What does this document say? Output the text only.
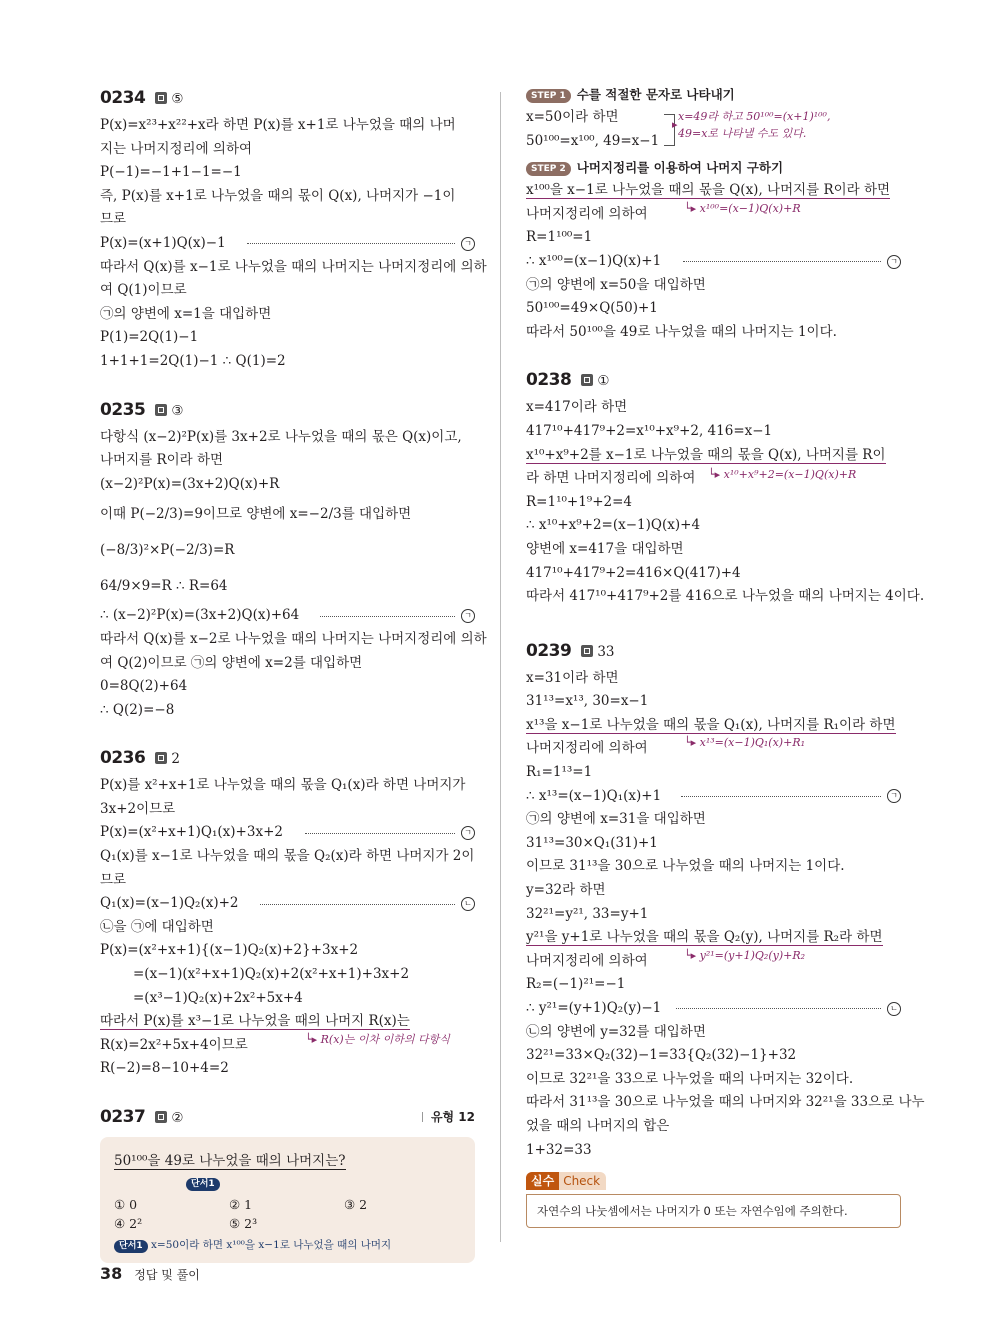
0234 ⑤
P(x)=x²³+x²²+x라 하면 P(x)를 x+1로 나누었을 때의 나머
지는 나머지정리에 의하여
P(−1)=−1+1−1=−1
즉, P(x)를 x+1로 나누었을 때의 몫이 Q(x), 나머지가 −1이
므로
P(x)=(x+1)Q(x)−1	ㄱ
따라서 Q(x)를 x−1로 나누었을 때의 나머지는 나머지정리에 의하
여 Q(1)이므로
㉠의 양변에 x=1을 대입하면
P(1)=2Q(1)−1
1+1+1=2Q(1)−1 ∴ Q(1)=2
0235 ③
다항식 (x−2)²P(x)를 3x+2로 나누었을 때의 몫은 Q(x)이고,
나머지를 R이라 하면
(x−2)²P(x)=(3x+2)Q(x)+R
이때 P(−2/3)=9이므로 양변에 x=−2/3를 대입하면
(−8/3)²×P(−2/3)=R
64/9×9=R ∴ R=64
∴ (x−2)²P(x)=(3x+2)Q(x)+64	ㄱ
따라서 Q(x)를 x−2로 나누었을 때의 나머지는 나머지정리에 의하
여 Q(2)이므로 ㉠의 양변에 x=2를 대입하면
0=8Q(2)+64
∴ Q(2)=−8
0236 2
P(x)를 x²+x+1로 나누었을 때의 몫을 Q₁(x)라 하면 나머지가
3x+2이므로
P(x)=(x²+x+1)Q₁(x)+3x+2	ㄱ
Q₁(x)를 x−1로 나누었을 때의 몫을 Q₂(x)라 하면 나머지가 2이
므로
Q₁(x)=(x−1)Q₂(x)+2	ㄴ
㉡을 ㉠에 대입하면
P(x)=(x²+x+1){(x−1)Q₂(x)+2}+3x+2
=(x−1)(x²+x+1)Q₂(x)+2(x²+x+1)+3x+2
=(x³−1)Q₂(x)+2x²+5x+4
따라서 P(x)를 x³−1로 나누었을 때의 나머지 R(x)는
R(x)=2x²+5x+4이므로	└▸ R(x)는 이차 이하의 다항식
R(−2)=8−10+4=2
0237 ②	유형 12
50¹⁰⁰을 49로 나누었을 때의 나머지는?
단서1
① 0	② 1	③ 2
④ 2²	⑤ 2³
단서1 x=50이라 하면 x¹⁰⁰을 x−1로 나누었을 때의 나머지
STEP 1 수를 적절한 문자로 나타내기
x=50이라 하면
50¹⁰⁰=x¹⁰⁰, 49=x−1
▸
x=49라 하고 50¹⁰⁰=(x+1)¹⁰⁰,
49=x로 나타낼 수도 있다.
STEP 2 나머지정리를 이용하여 나머지 구하기
x¹⁰⁰을 x−1로 나누었을 때의 몫을 Q(x), 나머지를 R이라 하면
나머지정리에 의하여	└▸ x¹⁰⁰=(x−1)Q(x)+R
R=1¹⁰⁰=1
∴ x¹⁰⁰=(x−1)Q(x)+1	ㄱ
㉠의 양변에 x=50을 대입하면
50¹⁰⁰=49×Q(50)+1
따라서 50¹⁰⁰을 49로 나누었을 때의 나머지는 1이다.
0238 ①
x=417이라 하면
417¹⁰+417⁹+2=x¹⁰+x⁹+2, 416=x−1
x¹⁰+x⁹+2를 x−1로 나누었을 때의 몫을 Q(x), 나머지를 R이
라 하면 나머지정리에 의하여 └▸ x¹⁰+x⁹+2=(x−1)Q(x)+R
R=1¹⁰+1⁹+2=4
∴ x¹⁰+x⁹+2=(x−1)Q(x)+4
양변에 x=417을 대입하면
417¹⁰+417⁹+2=416×Q(417)+4
따라서 417¹⁰+417⁹+2를 416으로 나누었을 때의 나머지는 4이다.
0239 33
x=31이라 하면
31¹³=x¹³, 30=x−1
x¹³을 x−1로 나누었을 때의 몫을 Q₁(x), 나머지를 R₁이라 하면
나머지정리에 의하여	└▸ x¹³=(x−1)Q₁(x)+R₁
R₁=1¹³=1
∴ x¹³=(x−1)Q₁(x)+1	ㄱ
㉠의 양변에 x=31을 대입하면
31¹³=30×Q₁(31)+1
이므로 31¹³을 30으로 나누었을 때의 나머지는 1이다.
y=32라 하면
32²¹=y²¹, 33=y+1
y²¹을 y+1로 나누었을 때의 몫을 Q₂(y), 나머지를 R₂라 하면
나머지정리에 의하여	└▸ y²¹=(y+1)Q₂(y)+R₂
R₂=(−1)²¹=−1
∴ y²¹=(y+1)Q₂(y)−1	ㄴ
㉡의 양변에 y=32를 대입하면
32²¹=33×Q₂(32)−1=33{Q₂(32)−1}+32
이므로 32²¹을 33으로 나누었을 때의 나머지는 32이다.
따라서 31¹³을 30으로 나누었을 때의 나머지와 32²¹을 33으로 나누
었을 때의 나머지의 합은
1+32=33
실수 Check
자연수의 나눗셈에서는 나머지가 0 또는 자연수임에 주의한다.
38 정답 및 풀이
